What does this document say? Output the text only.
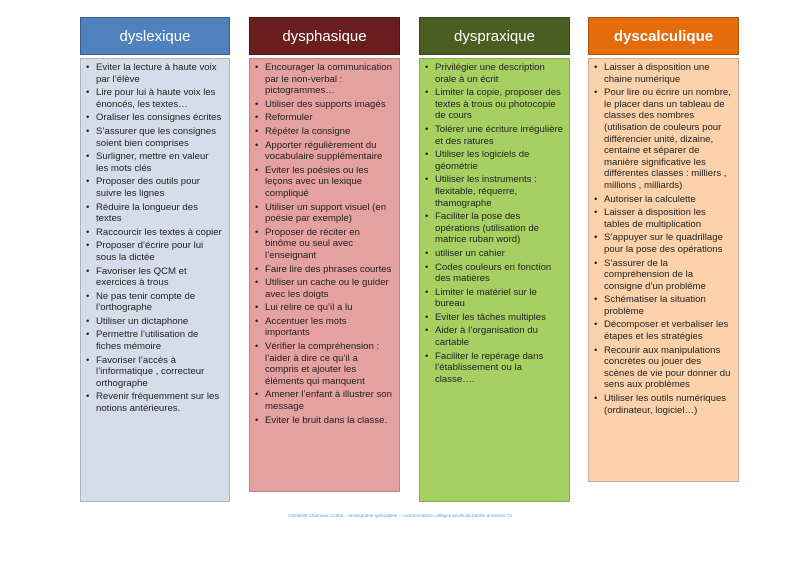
dyslexique
• Eviter la lecture à haute voix par l’élève
• Lire pour lui à haute voix les énoncés, les textes…
• Oraliser les consignes écrites
• S’assurer que les consignes soient bien comprises
• Surligner, mettre en valeur les mots clés
• Proposer des outils pour suivre les lignes
• Réduire la longueur des textes
• Raccourcir les textes à copier
• Proposer d’écrire pour lui sous la dictée
• Favoriser les QCM et exercices à trous
• Ne pas tenir compte de l’orthographe
• Utiliser un dictaphone
• Permettre l’utilisation de fiches mémoire
• Favoriser l’accès à l’informatique , correcteur orthographe
• Revenir fréquemment sur les notions antérieures.
dysphasique
• Encourager la communication par le non-verbal : pictogrammes…
• Utiliser des supports imagés
• Reformuler
• Répéter la consigne
• Apporter régulièrement du vocabulaire supplémentaire
• Eviter les poésies ou les leçons avec un lexique compliqué
• Utiliser un support visuel (en poésie par exemple)
• Proposer de réciter en binôme ou seul avec l’enseignant
• Faire lire des phrases courtes
• Utiliser un cache ou le guider avec les doigts
• Lui relire ce qu’il a lu
• Accentuer les mots importants
• Vérifier la compréhension : l’aider à dire ce qu’il a compris et ajouter les éléments qui manquent
• Amener l’enfant à illustrer son message
• Eviter le bruit dans la classe.
dyspraxique
• Privilégier une description orale à un écrit
• Limiter la copie, proposer des textes à trous ou photocopie de cours
• Tolérer une écriture irrégulière et des ratures
• Utiliser les logiciels de géométrie
• Utiliser les instruments : flexitable, réquerre, thamographe
• Faciliter la pose des opérations (utilisation de matrice ruban word)
• utiliser un cahier
• Codes couleurs en fonction des matières
• Limiter le matériel sur le bureau
• Eviter les tâches multiples
• Aider à l’organisation du cartable
• Faciliter le repérage dans l’établissement ou la classe….
dyscalculique
• Laisser à disposition une chaine numérique
• Pour lire ou écrire un nombre, le placer dans un tableau de classes des nombres (utilisation de couleurs pour différencier unité, dizaine, centaine et séparer de manière significative les différentes classes : milliers , millions , milliards)
• Autoriser la calculette
• Laisser à disposition les tables de multiplication
• S’appuyer sur le quadrillage pour la pose des opérations
• S’assurer de la compréhension de la consigne d’un problème
• Schématiser la situation problème
• Décomposer et verbaliser les étapes et les stratégies
• Recourir aux manipulations concrètes ou jouer des scènes de vie pour donner du sens aux problèmes
• Utiliser les outils numériques (ordinateur, logiciel…)
Christelle Chameau: Cothn – enseignante spécialisée – coordonnatrice collèges privés du bassin annécien 74
